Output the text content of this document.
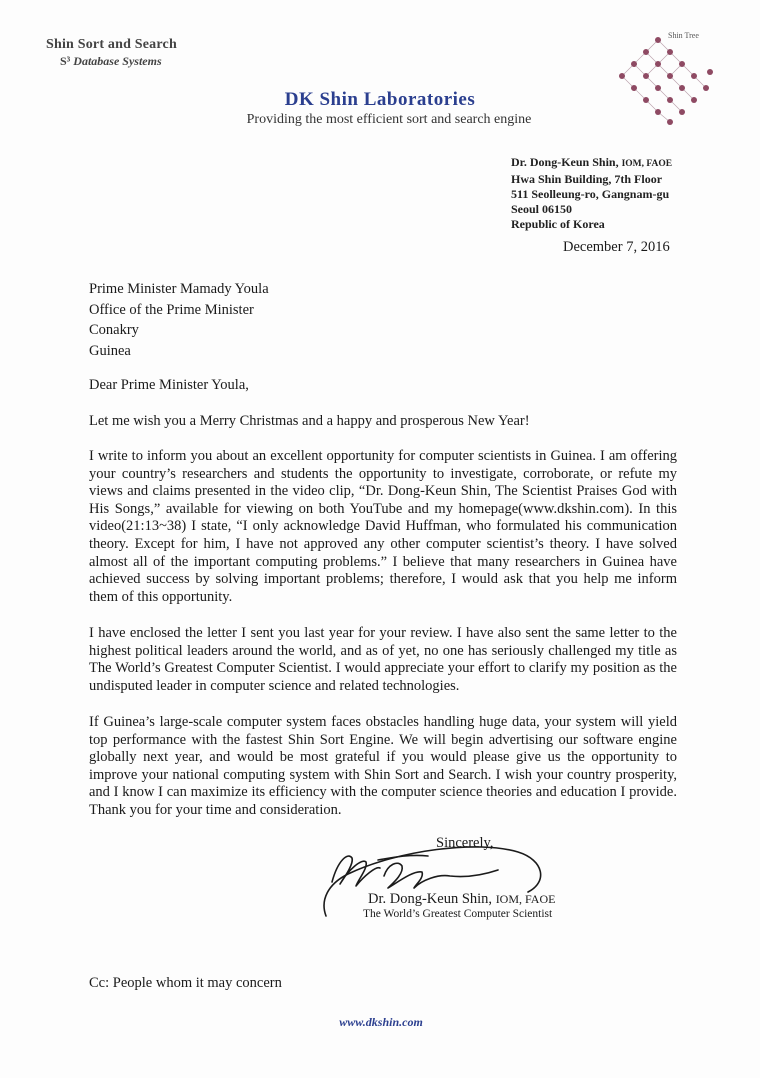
Shin Sort and Search
S³ Database Systems
Shin Tree
DK Shin Laboratories
Providing the most efficient sort and search engine
Dr. Dong-Keun Shin, IOM, FAOE
Hwa Shin Building, 7th Floor
511 Seolleung-ro, Gangnam-gu
Seoul 06150
Republic of Korea
December 7, 2016
Prime Minister Mamady Youla
Office of the Prime Minister
Conakry
Guinea
Dear Prime Minister Youla,
Let me wish you a Merry Christmas and a happy and prosperous New Year!
I write to inform you about an excellent opportunity for computer scientists in Guinea. I am offering your country’s researchers and students the opportunity to investigate, corroborate, or refute my views and claims presented in the video clip, “Dr. Dong-Keun Shin, The Scientist Praises God with His Songs,” available for viewing on both YouTube and my homepage(www.dkshin.com). In this video(21:13~38) I state, “I only acknowledge David Huffman, who formulated his communication theory. Except for him, I have not approved any other computer scientist’s theory. I have solved almost all of the important computing problems.” I believe that many researchers in Guinea have achieved success by solving important problems; therefore, I would ask that you help me inform them of this opportunity.
I have enclosed the letter I sent you last year for your review. I have also sent the same letter to the highest political leaders around the world, and as of yet, no one has seriously challenged my title as The World’s Greatest Computer Scientist. I would appreciate your effort to clarify my position as the undisputed leader in computer science and related technologies.
If Guinea’s large-scale computer system faces obstacles handling huge data, your system will yield top performance with the fastest Shin Sort Engine. We will begin advertising our software engine globally next year, and would be most grateful if you would please give us the opportunity to improve your national computing system with Shin Sort and Search. I wish your country prosperity, and I know I can maximize its efficiency with the computer science theories and education I provide. Thank you for your time and consideration.
Sincerely,
Dr. Dong-Keun Shin, IOM, FAOE
The World’s Greatest Computer Scientist
Cc: People whom it may concern
www.dkshin.com
